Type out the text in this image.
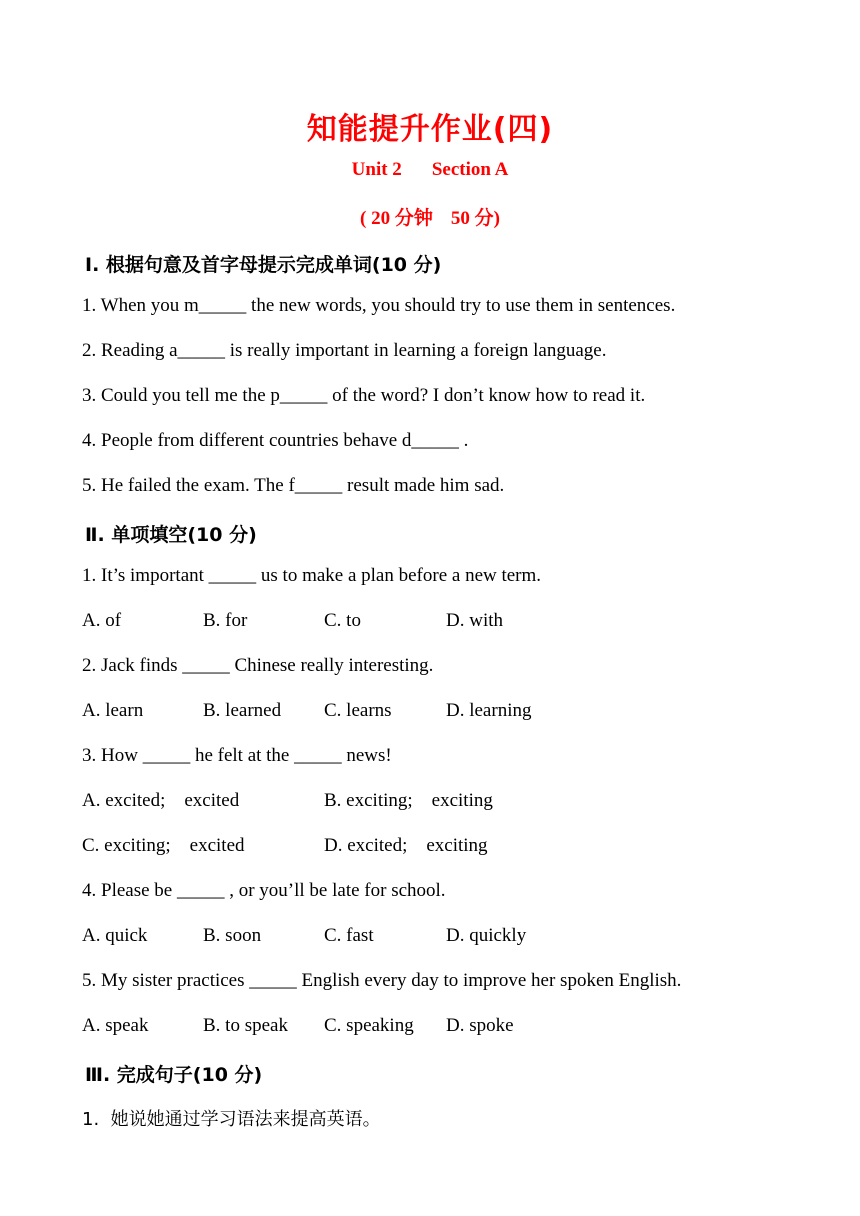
知能提升作业(四)
Unit 2 Section A
( 20 分钟 50 分)
Ⅰ. 根据句意及首字母提示完成单词(10 分)
1. When you m_____ the new words, you should try to use them in sentences.
2. Reading a_____ is really important in learning a foreign language.
3. Could you tell me the p_____ of the word? I don’t know how to read it.
4. People from different countries behave d_____ .
5. He failed the exam. The f_____ result made him sad.
Ⅱ. 单项填空(10 分)
1. It’s important _____ us to make a plan before a new term.
A. of	B. for	C. to	D. with
2. Jack finds _____ Chinese really interesting.
A. learn	B. learned C. learns	D. learning
3. How _____ he felt at the _____ news!
A. excited;    excited	B. exciting;    exciting
C. exciting;    excited	D. excited;    exciting
4. Please be _____ , or you’ll be late for school.
A. quick	B. soon	C. fast	D. quickly
5. My sister practices _____ English every day to improve her spoken English.
A. speak	B. to speak C. speaking D. spoke
Ⅲ. 完成句子(10 分)
1.  她说她通过学习语法来提高英语。
